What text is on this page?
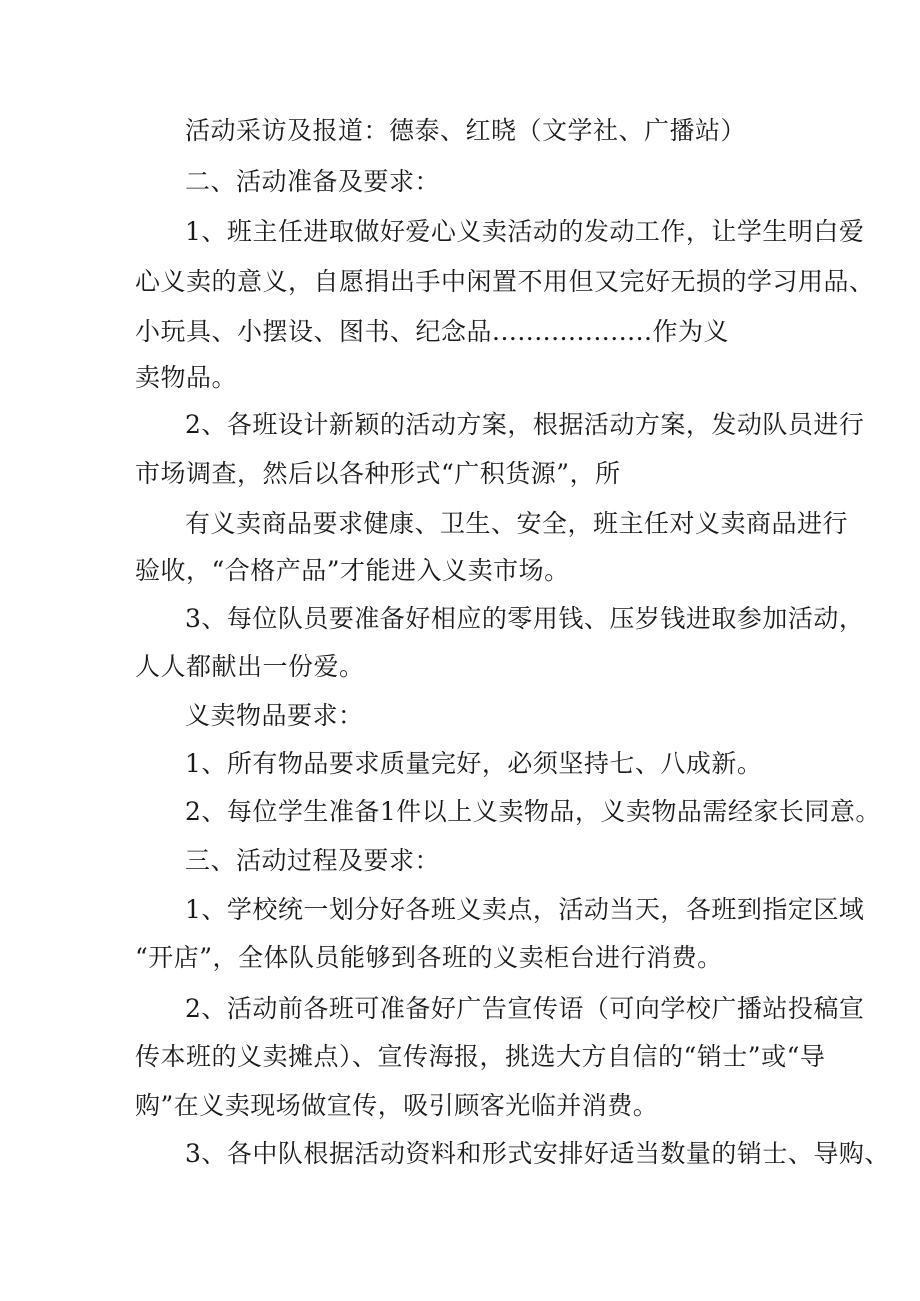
活动采访及报道：德泰、红晓（文学社、广播站）
二、活动准备及要求：
1、班主任进取做好爱心义卖活动的发动工作，让学生明白爱
心义卖的意义，自愿捐出手中闲置不用但又完好无损的学习用品、
小玩具、小摆设、图书、纪念品...................作为义
卖物品。
2、各班设计新颖的活动方案，根据活动方案，发动队员进行
市场调查，然后以各种形式“广积货源”，所
有义卖商品要求健康、卫生、安全，班主任对义卖商品进行
验收，“合格产品”才能进入义卖市场。
3、每位队员要准备好相应的零用钱、压岁钱进取参加活动，
人人都献出一份爱。
义卖物品要求：
1、所有物品要求质量完好，必须坚持七、八成新。
2、每位学生准备1件以上义卖物品，义卖物品需经家长同意。
三、活动过程及要求：
1、学校统一划分好各班义卖点，活动当天，各班到指定区域
“开店”，全体队员能够到各班的义卖柜台进行消费。
2、活动前各班可准备好广告宣传语（可向学校广播站投稿宣
传本班的义卖摊点）、宣传海报，挑选大方自信的“销士”或“导
购”在义卖现场做宣传，吸引顾客光临并消费。
3、各中队根据活动资料和形式安排好适当数量的销士、导购、
